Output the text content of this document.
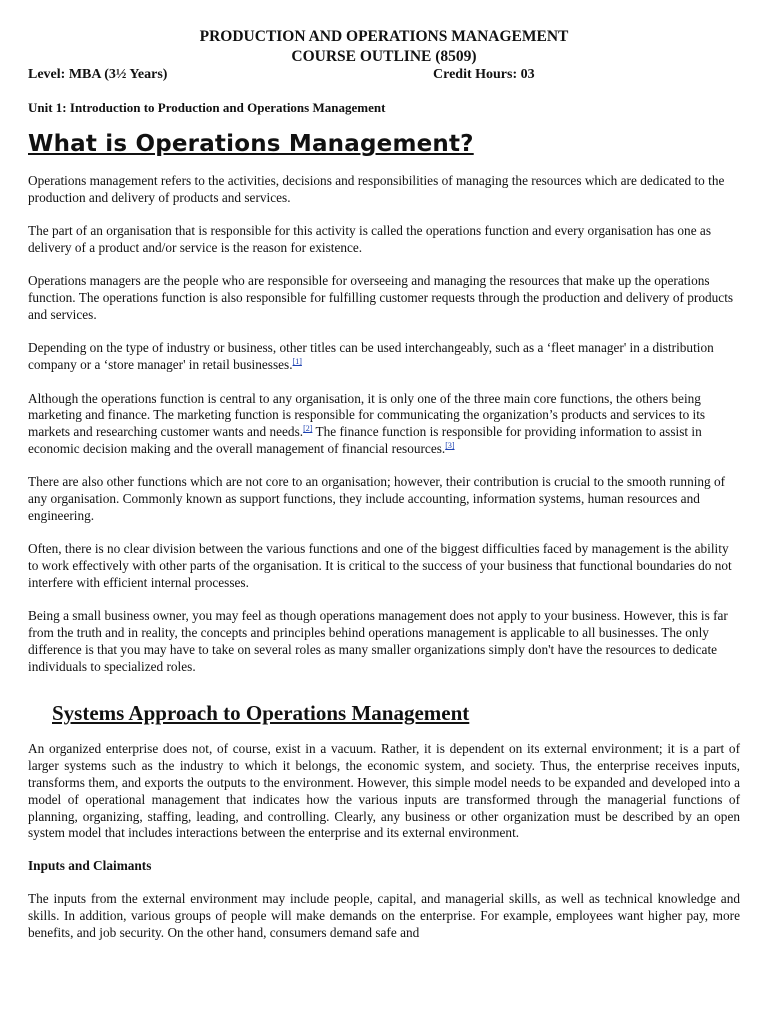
PRODUCTION AND OPERATIONS MANAGEMENT
COURSE OUTLINE (8509)
Level: MBA (3½ Years)	Credit Hours: 03
Unit 1: Introduction to Production and Operations Management
What is Operations Management?

Operations management refers to the activities, decisions and responsibilities of managing the resources which are dedicated to the production and delivery of products and services.

The part of an organisation that is responsible for this activity is called the operations function and every organisation has one as delivery of a product and/or service is the reason for existence.

Operations managers are the people who are responsible for overseeing and managing the resources that make up the operations function. The operations function is also responsible for fulfilling customer requests through the production and delivery of products and services.

Depending on the type of industry or business, other titles can be used interchangeably, such as a ‘fleet manager' in a distribution company or a ‘store manager' in retail businesses.[1]

Although the operations function is central to any organisation, it is only one of the three main core functions, the others being marketing and finance. The marketing function is responsible for communicating the organization’s products and services to its markets and researching customer wants and needs.[2] The finance function is responsible for providing information to assist in economic decision making and the overall management of financial resources.[3]

There are also other functions which are not core to an organisation; however, their contribution is crucial to the smooth running of any organisation. Commonly known as support functions, they include accounting, information systems, human resources and engineering.

Often, there is no clear division between the various functions and one of the biggest difficulties faced by management is the ability to work effectively with other parts of the organisation. It is critical to the success of your business that functional boundaries do not interfere with efficient internal processes.

Being a small business owner, you may feel as though operations management does not apply to your business. However, this is far from the truth and in reality, the concepts and principles behind operations management is applicable to all businesses. The only difference is that you may have to take on several roles as many smaller organizations simply don't have the resources to dedicate individuals to specialized roles.

Systems Approach to Operations Management

An organized enterprise does not, of course, exist in a vacuum. Rather, it is dependent on its external environment; it is a part of larger systems such as the industry to which it belongs, the economic system, and society. Thus, the enterprise receives inputs, transforms them, and exports the outputs to the environment. However, this simple model needs to be expanded and developed into a model of operational management that indicates how the various inputs are transformed through the managerial functions of planning, organizing, staffing, leading, and controlling. Clearly, any business or other organization must be described by an open system model that includes interactions between the enterprise and its external environment.

Inputs and Claimants

The inputs from the external environment may include people, capital, and managerial skills, as well as technical knowledge and skills. In addition, various groups of people will make demands on the enterprise. For example, employees want higher pay, more benefits, and job security. On the other hand, consumers demand safe and
